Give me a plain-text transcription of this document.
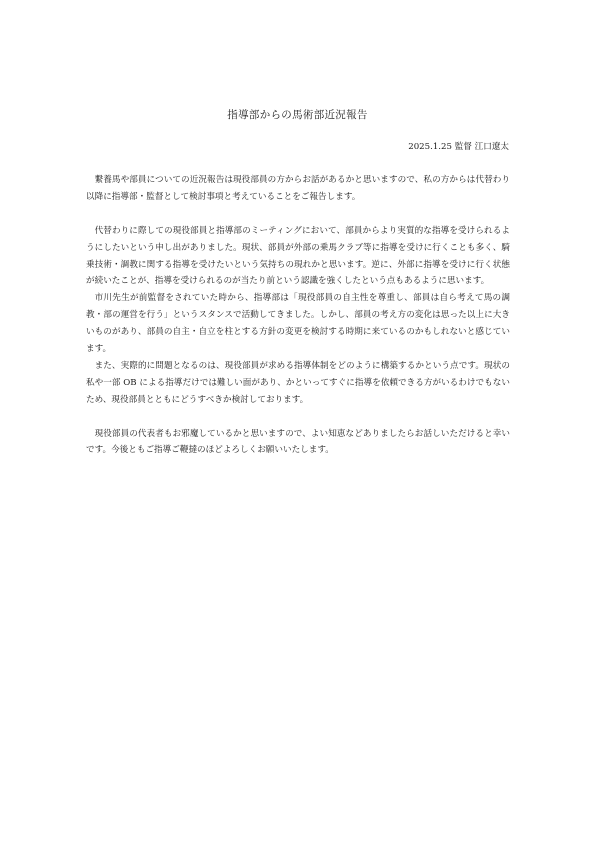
指導部からの馬術部近況報告
2025.1.25 監督 江口遼太

繋養馬や部員についての近況報告は現役部員の方からお話があるかと思いますので、私の方からは代替わり以降に指導部・監督として検討事項と考えていることをご報告します。

代替わりに際しての現役部員と指導部のミーティングにおいて、部員からより実質的な指導を受けられるようにしたいという申し出がありました。現状、部員が外部の乗馬クラブ等に指導を受けに行くことも多く、騎乗技術・調教に関する指導を受けたいという気持ちの現れかと思います。逆に、外部に指導を受けに行く状態が続いたことが、指導を受けられるのが当たり前という認識を強くしたという点もあるように思います。

市川先生が前監督をされていた時から、指導部は「現役部員の自主性を尊重し、部員は自ら考えて馬の調教・部の運営を行う」というスタンスで活動してきました。しかし、部員の考え方の変化は思った以上に大きいものがあり、部員の自主・自立を柱とする方針の変更を検討する時期に来ているのかもしれないと感じています。

また、実際的に問題となるのは、現役部員が求める指導体制をどのように構築するかという点です。現状の私や一部 OB による指導だけでは難しい面があり、かといってすぐに指導を依頼できる方がいるわけでもないため、現役部員とともにどうすべきか検討しております。

現役部員の代表者もお邪魔しているかと思いますので、よい知恵などありましたらお話しいただけると幸いです。今後ともご指導ご鞭撻のほどよろしくお願いいたします。
